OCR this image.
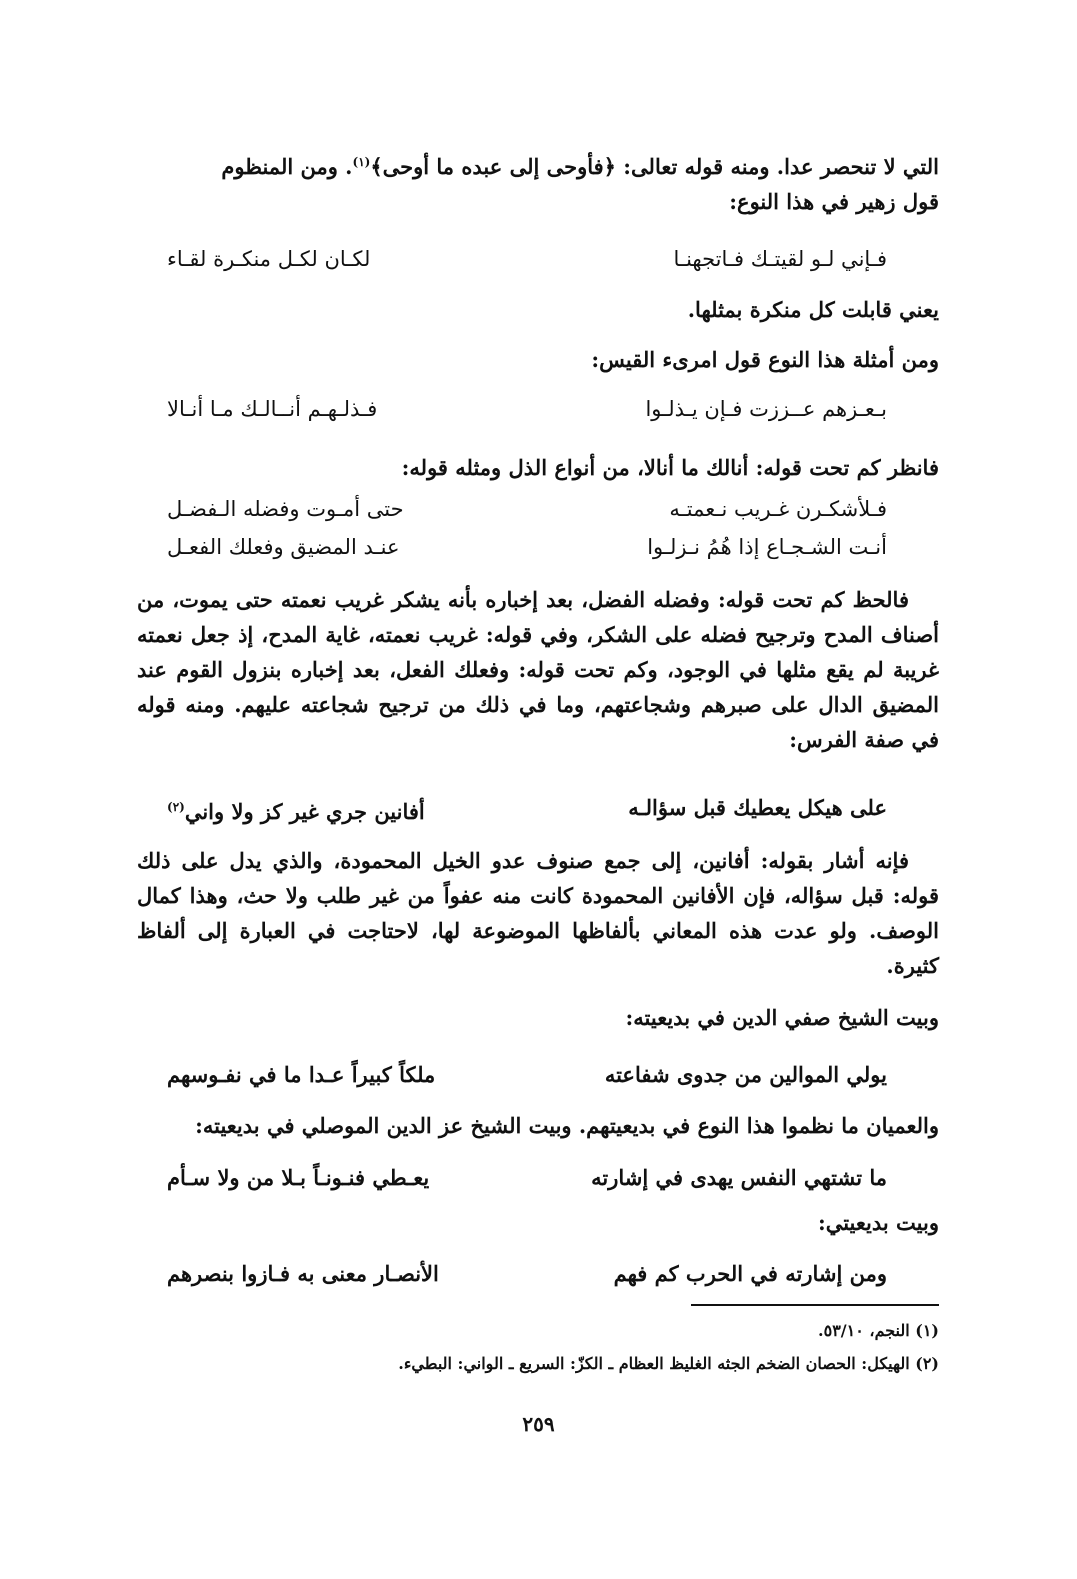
التي لا تنحصر عدا. ومنه قوله تعالى: ﴿فأوحى إلى عبده ما أوحى﴾$^{(١)}$. ومن المنظوم
قول زهير في هذا النوع:
فـإني لـو لقيتـك فـاتجهنـا
لكـان لكـل منكـرة لقـاء
يعني قابلت كل منكرة بمثلها.
ومن أمثلة هذا النوع قول امرىء القيس:
بـعـزهم عــززت فـإن يـذلـوا
فـذلـهـم أنــالـك مـا أنـالا
فانظر كم تحت قوله: أنالك ما أنالا، من أنواع الذل ومثله قوله:
فـلأشكـرن غـريب نـعمتـه
حتى أمـوت وفضله الـفضـل
أنـت الشـجـاع إذا هُمُ نـزلـوا
عنـد المضيق وفعلك الفعـل
فالحظ كم تحت قوله: وفضله الفضل، بعد إخباره بأنه يشكر غريب نعمته حتى يموت، من أصناف المدح وترجيح فضله على الشكر، وفي قوله: غريب نعمته، غاية المدح، إذ جعل نعمته غريبة لم يقع مثلها في الوجود، وكم تحت قوله: وفعلك الفعل، بعد إخباره بنزول القوم عند المضيق الدال على صبرهم وشجاعتهم، وما في ذلك من ترجيح شجاعته عليهم. ومنه قوله في صفة الفرس:
على هيكل يعطيك قبل سؤالـه
أفانين جري غير كز ولا واني$^{(٢)}$
فإنه أشار بقوله: أفانين، إلى جمع صنوف عدو الخيل المحمودة، والذي يدل على ذلك قوله: قبل سؤاله، فإن الأفانين المحمودة كانت منه عفواً من غير طلب ولا حث، وهذا كمال الوصف. ولو عدت هذه المعاني بألفاظها الموضوعة لها، لاحتاجت في العبارة إلى ألفاظ كثيرة.
وبيت الشيخ صفي الدين في بديعيته:
يولي الموالين من جدوى شفاعته
ملكاً كبيراً عـدا ما في نفـوسهم
والعميان ما نظموا هذا النوع في بديعيتهم. وبيت الشيخ عز الدين الموصلي في بديعيته:
ما تشتهي النفس يهدى في إشارته
يعـطي فنـونـاً بـلا من ولا سـأم
وبيت بديعيتي:
ومن إشارته في الحرب كم فهم
الأنصـار معنى به فـازوا بنصرهم
(١) النجم، ٥٣/١٠.
(٢) الهيكل: الحصان الضخم الجثه الغليظ العظام ـ الكزّ: السريع ـ الواني: البطيء.
٢٥٩
